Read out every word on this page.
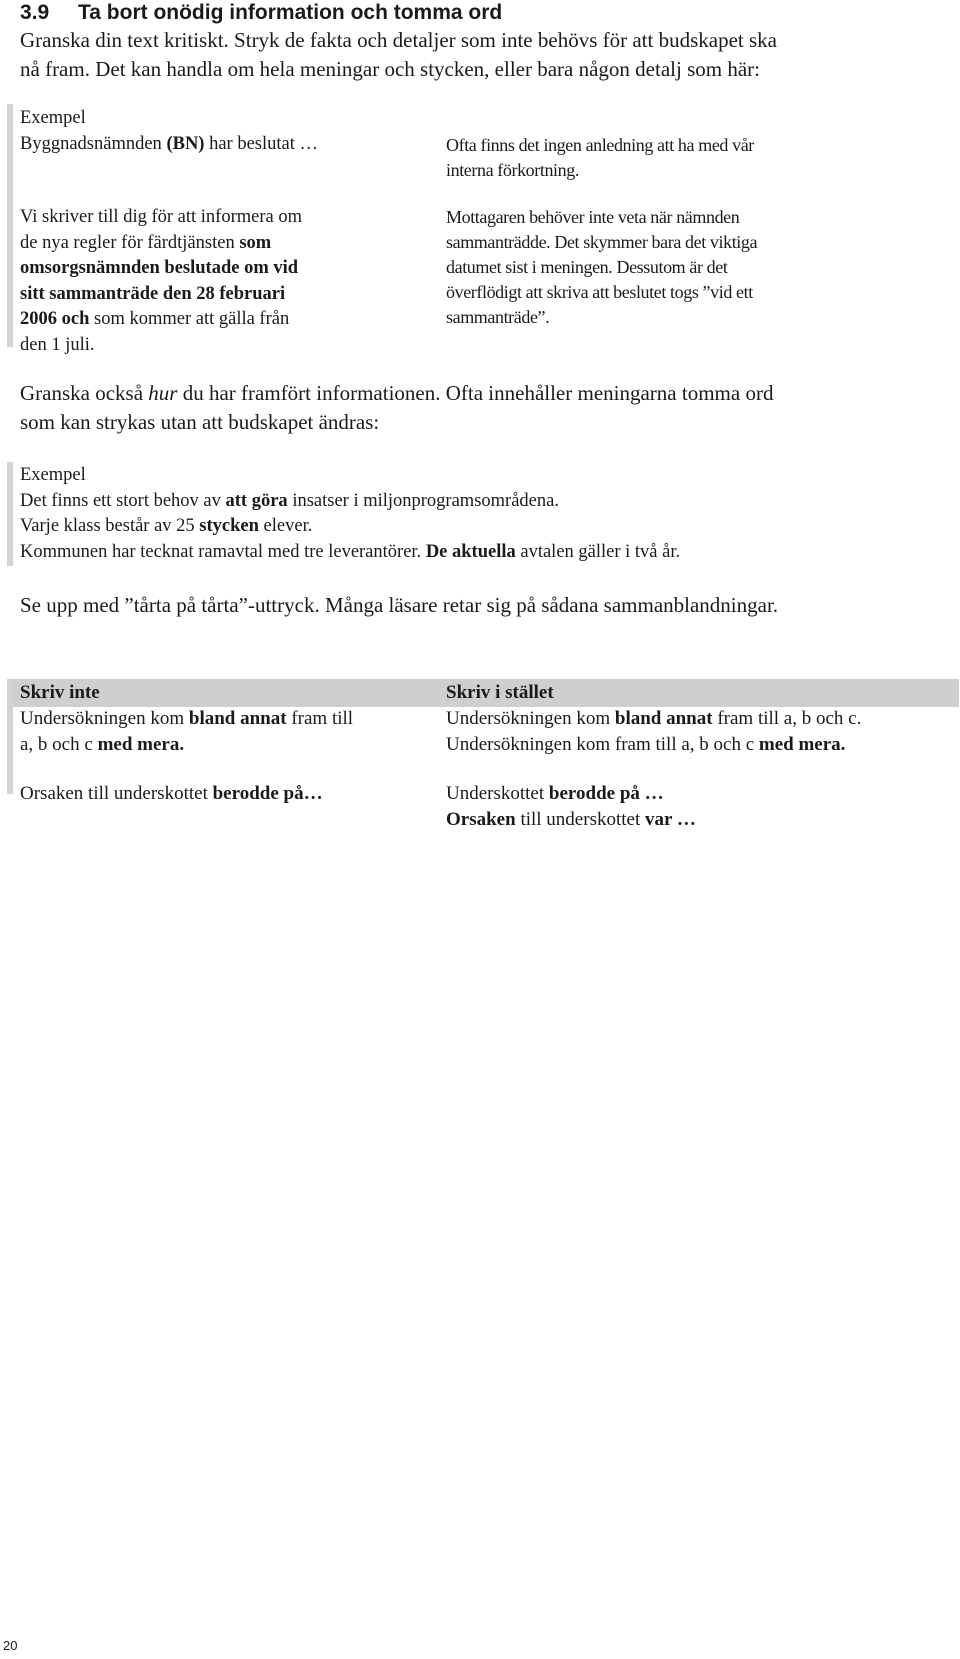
3.9 Ta bort onödig information och tomma ord
Granska din text kritiskt. Stryk de fakta och detaljer som inte behövs för att budskapet ska
nå fram. Det kan handla om hela meningar och stycken, eller bara någon detalj som här:
Exempel
Byggnadsnämnden (BN) har beslutat …	Ofta finns det ingen anledning att ha med vår
interna förkortning.
Vi skriver till dig för att informera om
de nya regler för färdtjänsten som
omsorgsnämnden beslutade om vid
sitt sammanträde den 28 februari
2006 och som kommer att gälla från
den 1 juli.
Mottagaren behöver inte veta när nämnden
sammanträdde. Det skymmer bara det viktiga
datumet sist i meningen. Dessutom är det
överflödigt att skriva att beslutet togs ”vid ett
sammanträde”.
Granska också hur du har framfört informationen. Ofta innehåller meningarna tomma ord
som kan strykas utan att budskapet ändras:
Exempel
Det finns ett stort behov av att göra insatser i miljonprogramsområdena.
Varje klass består av 25 stycken elever.
Kommunen har tecknat ramavtal med tre leverantörer. De aktuella avtalen gäller i två år.
Se upp med ”tårta på tårta”-uttryck. Många läsare retar sig på sådana sammanblandningar.
Skriv inte	Skriv i stället
Undersökningen kom bland annat fram till
a, b och c med mera.
Orsaken till underskottet berodde på…
Undersökningen kom bland annat fram till a, b och c.
Undersökningen kom fram till a, b och c med mera.
Underskottet berodde på …
Orsaken till underskottet var …
20
